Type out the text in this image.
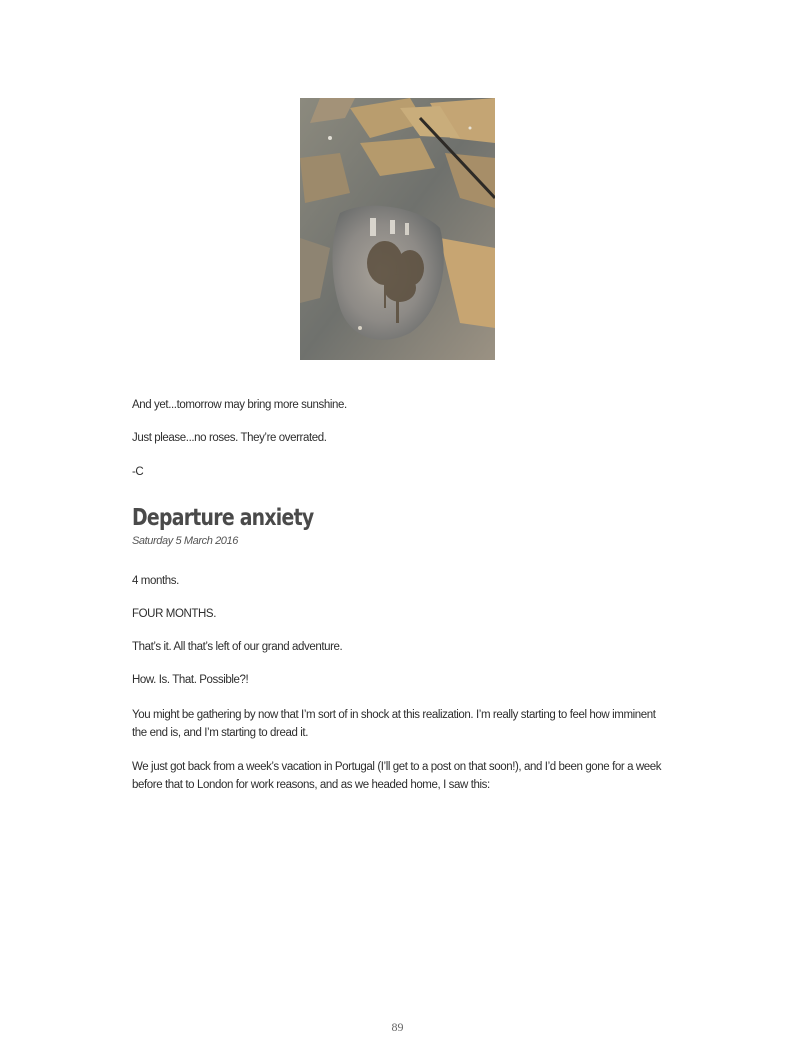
And yet...tomorrow may bring more sunshine.
Just please...no roses. They’re overrated.
-C
Departure anxiety
Saturday 5 March 2016
4 months.
FOUR MONTHS.
That’s it. All that’s left of our grand adventure.
How. Is. That. Possible?!
You might be gathering by now that I’m sort of in shock at this realization. I’m really starting to feel how imminent the end is, and I’m starting to dread it.
We just got back from a week’s vacation in Portugal (I’ll get to a post on that soon!), and I’d been gone for a week before that to London for work reasons, and as we headed home, I saw this:
89
